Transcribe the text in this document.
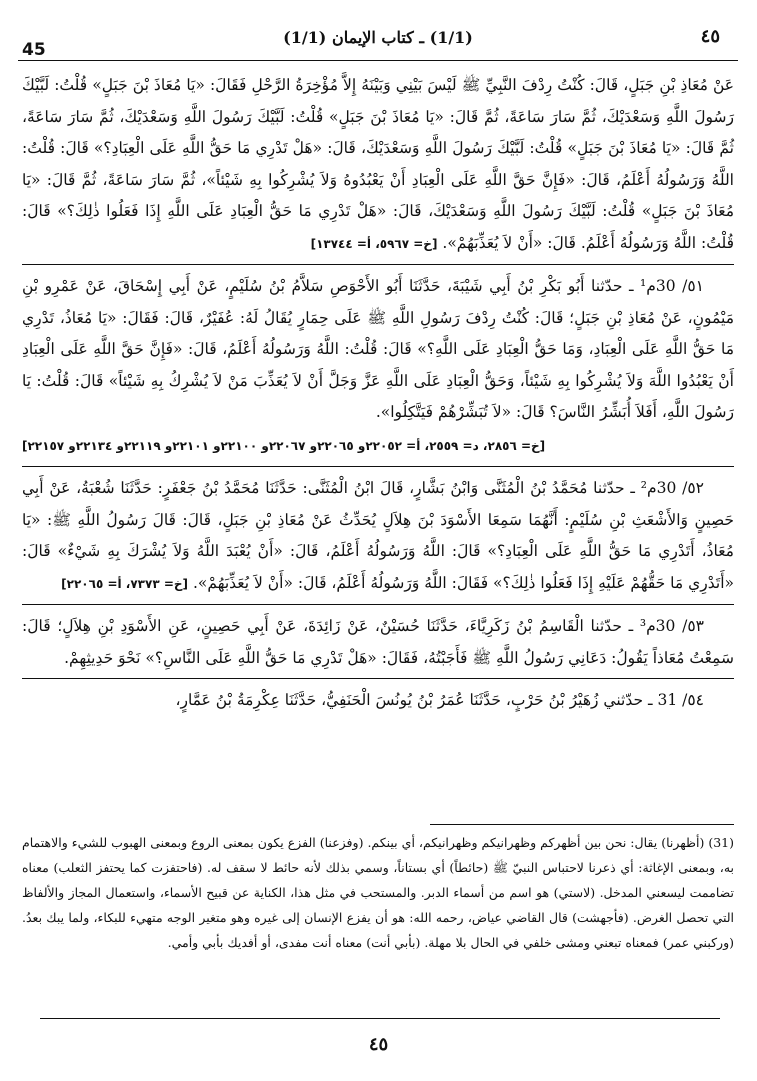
45
(1/1) ـ كتاب الإيمان (1/1)	٤٥

عَنْ مُعَاذِ بْنِ جَبَلٍ، قَالَ: كُنْتُ رِدْفَ النَّبِيِّ ﷺ لَيْسَ بَيْنِي وَبَيْنَهُ إِلاَّ مُؤْخِرَةُ الرَّحْلِ فَقَالَ: «يَا مُعَاذَ بْنَ جَبَلٍ» قُلْتُ: لَبَّيْكَ رَسُولَ اللَّهِ وَسَعْدَيْكَ، ثُمَّ سَارَ سَاعَةً، ثُمَّ قَالَ: «يَا مُعَاذَ بْنَ جَبَلٍ» قُلْتُ: لَبَّيْكَ رَسُولَ اللَّهِ وَسَعْدَيْكَ، ثُمَّ سَارَ سَاعَةً، ثُمَّ قَالَ: «يَا مُعَاذَ بْنَ جَبَلٍ» قُلْتُ: لَبَّيْكَ رَسُولَ اللَّهِ وَسَعْدَيْكَ، قَالَ: «هَلْ تَدْرِي مَا حَقُّ اللَّهِ عَلَى الْعِبَادِ؟» قَالَ: قُلْتُ: اللَّهُ وَرَسُولُهُ أَعْلَمُ، قَالَ: «فَإِنَّ حَقَّ اللَّهِ عَلَى الْعِبَادِ أَنْ يَعْبُدُوهُ وَلاَ يُشْرِكُوا بِهِ شَيْئاً»، ثُمَّ سَارَ سَاعَةً، ثُمَّ قَالَ: «يَا مُعَاذَ بْنَ جَبَلٍ» قُلْتُ: لَبَّيْكَ رَسُولَ اللَّهِ وَسَعْدَيْكَ، قَالَ: «هَلْ تَدْرِي مَا حَقُّ الْعِبَادِ عَلَى اللَّهِ إِذَا فَعَلُوا ذٰلِكَ؟» قَالَ: قُلْتُ: اللَّهُ وَرَسُولُهُ أَعْلَمُ. قَالَ: «أَنْ لاَ يُعَذِّبَهُمْ». [خ= ٥٩٦٧، أ= ١٣٧٤٤]

٥١/ 30م¹ ـ حدّثنا أَبُو بَكْرِ بْنُ أَبِي شَيْبَةَ، حَدَّثَنَا أَبُو الأَحْوَصِ سَلاَّمُ بْنُ سُلَيْمٍ، عَنْ أَبِي إِسْحَاقَ، عَنْ عَمْرِو بْنِ مَيْمُونٍ، عَنْ مُعَاذِ بْنِ جَبَلٍ؛ قَالَ: كُنْتُ رِدْفَ رَسُولِ اللَّهِ ﷺ عَلَى حِمَارٍ يُقَالُ لَهُ: عُفَيْرٌ، قَالَ: فَقَالَ: «يَا مُعَاذُ، تَدْرِي مَا حَقُّ اللَّهِ عَلَى الْعِبَادِ، وَمَا حَقُّ الْعِبَادِ عَلَى اللَّهِ؟» قَالَ: قُلْتُ: اللَّهُ وَرَسُولُهُ أَعْلَمُ، قَالَ: «فَإِنَّ حَقَّ اللَّهِ عَلَى الْعِبَادِ أَنْ يَعْبُدُوا اللَّهَ وَلاَ يُشْرِكُوا بِهِ شَيْئاً، وَحَقُّ الْعِبَادِ عَلَى اللَّهِ عَزَّ وَجَلَّ أَنْ لاَ يُعَذِّبَ مَنْ لاَ يُشْرِكُ بِهِ شَيْئاً» قَالَ: قُلْتُ: يَا رَسُولَ اللَّهِ، أَفَلاَ أُبَشِّرُ النَّاسَ؟ قَالَ: «لاَ تُبَشِّرْهُمْ فَيَتَّكِلُوا».

[خ= ٢٨٥٦، د= ٢٥٥٩، أ= ٢٢٠٥٢و ٢٢٠٦٥و ٢٢٠٦٧و ٢٢١٠٠و ٢٢١٠١و ٢٢١١٩و ٢٢١٣٤و ٢٢١٥٧]

٥٢/ 30م² ـ حدّثنا مُحَمَّدُ بْنُ الْمُثَنَّى وَابْنُ بَشَّارٍ، قَالَ ابْنُ الْمُثَنَّى: حَدَّثَنَا مُحَمَّدُ بْنُ جَعْفَرٍ: حَدَّثَنَا شُعْبَةُ، عَنْ أَبِي حَصِينٍ وَالأَشْعَثِ بْنِ سُلَيْمٍ: أَنَّهُمَا سَمِعَا الأَسْوَدَ بْنَ هِلاَلٍ يُحَدِّثُ عَنْ مُعَاذِ بْنِ جَبَلٍ، قَالَ: قَالَ رَسُولُ اللَّهِ ﷺ: «يَا مُعَاذُ، أَتَدْرِي مَا حَقُّ اللَّهِ عَلَى الْعِبَادِ؟» قَالَ: اللَّهُ وَرَسُولُهُ أَعْلَمُ، قَالَ: «أَنْ يُعْبَدَ اللَّهُ وَلاَ يُشْرَكَ بِهِ شَيْءٌ» قَالَ: «أَتَدْرِي مَا حَقُّهُمْ عَلَيْهِ إِذَا فَعَلُوا ذٰلِكَ؟» فَقَالَ: اللَّهُ وَرَسُولُهُ أَعْلَمُ، قَالَ: «أَنْ لاَ يُعَذِّبَهُمْ». [خ= ٧٣٧٣، أ= ٢٢٠٦٥]

٥٣/ 30م³ ـ حدّثنا الْقَاسِمُ بْنُ زَكَرِيَّاءَ، حَدَّثَنَا حُسَيْنٌ، عَنْ زَائِدَةَ، عَنْ أَبِي حَصِينٍ، عَنِ الأَسْوَدِ بْنِ هِلاَلٍ؛ قَالَ: سَمِعْتُ مُعَاذاً يَقُولُ: دَعَانِي رَسُولُ اللَّهِ ﷺ فَأَجَبْتُهُ، فَقَالَ: «هَلْ تَدْرِي مَا حَقُّ اللَّهِ عَلَى النَّاسِ؟» نَحْوَ حَدِيثِهِمْ.

٥٤/ 31 ـ حدّثني زُهَيْرُ بْنُ حَرْبٍ، حَدَّثَنَا عُمَرُ بْنُ يُونُسَ الْحَنَفِيُّ، حَدَّثَنَا عِكْرِمَةُ بْنُ عَمَّارٍ،

(31) (أظهرنا) يقال: نحن بين أظهركم وظهرانيكم وظهرانيكم، أي بينكم. (وفزعنا) الفزع يكون بمعنى الروع وبمعنى الهبوب للشيء والاهتمام به، وبمعنى الإغاثة: أي ذعرنا لاحتباس النبيّ ﷺ (حائطاً) أي بستاناً، وسمي بذلك لأنه حائط لا سقف له. (فاحتفزت كما يحتفز الثعلب) معناه تضاممت ليسعني المدخل. (لاستي) هو اسم من أسماء الدبر. والمستحب في مثل هذا، الكناية عن قبيح الأسماء، واستعمال المجاز والألفاظ التي تحصل الغرض. (فأجهشت) قال القاضي عياض، رحمه الله: هو أن يفزع الإنسان إلى غيره وهو متغير الوجه متهيء للبكاء، ولما يبك بعدُ. (وركبني عمر) فمعناه تبعني ومشى خلفي في الحال بلا مهلة. (بأبي أنت) معناه أنت مفدى، أو أفديك بأبي وأمي.

٤٥
